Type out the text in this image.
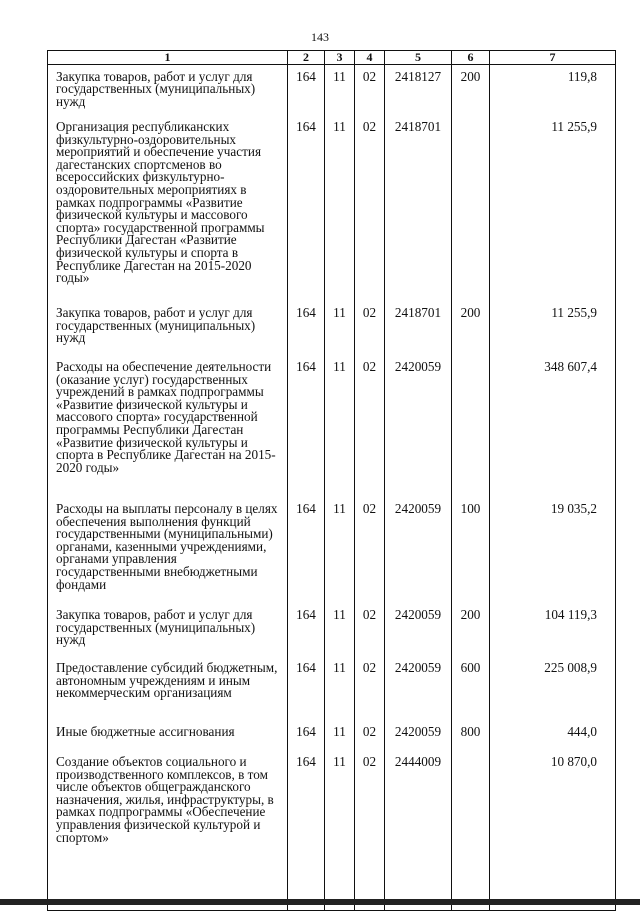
143
1	2	3	4	5	6	7
Закупка товаров, работ и услуг для государственных (муниципальных) нужд	164	11	02	2418127	200	119,8
Организация республиканских физкультурно-оздоровительных мероприятий и обеспечение участия дагестанских спортсменов во всероссийских физкультурно-оздоровительных мероприятиях в рамках подпрограммы «Развитие физической культуры и массового спорта» государственной программы Республики Дагестан «Развитие физической культуры и спорта в Республике Дагестан на 2015-2020 годы»	164	11	02	2418701		11 255,9
Закупка товаров, работ и услуг для государственных (муниципальных) нужд	164	11	02	2418701	200	11 255,9
Расходы на обеспечение деятельности (оказание услуг) государственных учреждений в рамках подпрограммы «Развитие физической культуры и массового спорта» государственной программы Республики Дагестан «Развитие физической культуры и спорта в Республике Дагестан на 2015-2020 годы»	164	11	02	2420059		348 607,4
Расходы на выплаты персоналу в целях обеспечения выполнения функций государственными (муниципальными) органами, казенными учреждениями, органами управления государственными внебюджетными фондами	164	11	02	2420059	100	19 035,2
Закупка товаров, работ и услуг для государственных (муниципальных) нужд	164	11	02	2420059	200	104 119,3
Предоставление субсидий бюджетным, автономным учреждениям и иным некоммерческим организациям	164	11	02	2420059	600	225 008,9
Иные бюджетные ассигнования	164	11	02	2420059	800	444,0
Создание объектов социального и производственного комплексов, в том числе объектов общегражданского назначения, жилья, инфраструктуры, в рамках подпрограммы «Обеспечение управления физической культурой и спортом»	164	11	02	2444009		10 870,0
